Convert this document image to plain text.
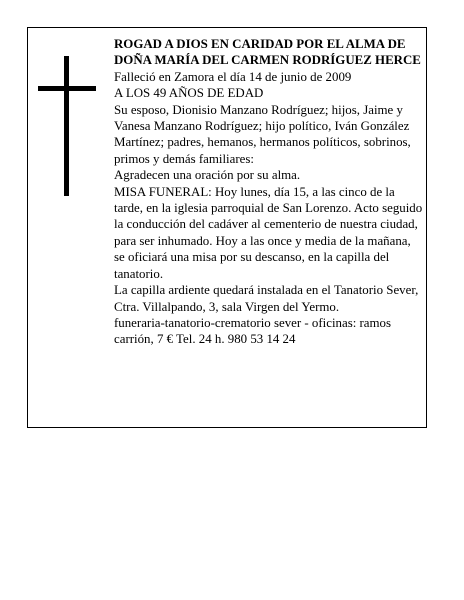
ROGAD A DIOS EN CARIDAD POR EL ALMA DE DOÑA MARÍA DEL CARMEN RODRÍGUEZ HERCE

Falleció en Zamora el día 14 de junio de 2009

A LOS 49 AÑOS DE EDAD

Su esposo, Dionisio Manzano Rodríguez; hijos, Jaime y Vanesa Manzano Rodríguez; hijo político, Iván González Martínez; padres, hemanos, hermanos políticos, sobrinos, primos y demás familiares:

Agradecen una oración por su alma.

MISA FUNERAL: Hoy lunes, día 15, a las cinco de la tarde, en la iglesia parroquial de San Lorenzo. Acto seguido la conducción del cadáver al cementerio de nuestra ciudad, para ser inhumado. Hoy a las once y media de la mañana, se oficiará una misa por su descanso, en la capilla del tanatorio.

La capilla ardiente quedará instalada en el Tanatorio Sever, Ctra. Villalpando, 3, sala Virgen del Yermo.

funeraria-tanatorio-crematorio sever - oficinas: ramos carrión, 7 € Tel. 24 h. 980 53 14 24
